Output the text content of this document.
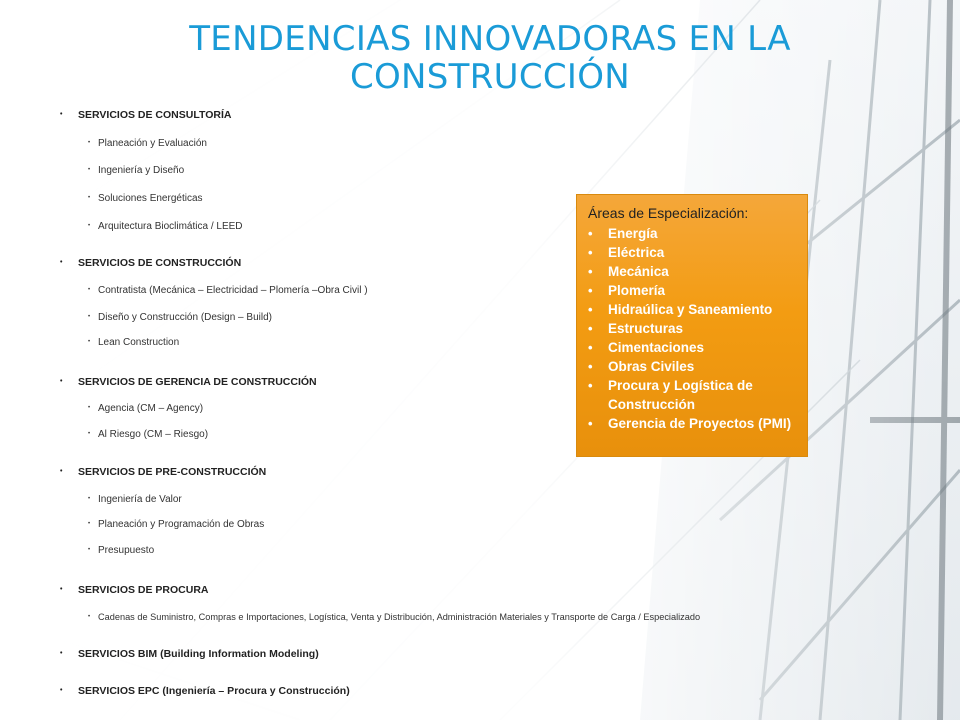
TENDENCIAS INNOVADORAS EN LA CONSTRUCCIÓN
• SERVICIOS DE CONSULTORÍA
• Planeación y Evaluación
• Ingeniería y Diseño
• Soluciones Energéticas
• Arquitectura Bioclimática / LEED
• SERVICIOS DE CONSTRUCCIÓN
• Contratista (Mecánica – Electricidad – Plomería –Obra Civil )
• Diseño y Construcción (Design – Build)
• Lean Construction
• SERVICIOS DE GERENCIA DE CONSTRUCCIÓN
• Agencia (CM – Agency)
• Al Riesgo (CM – Riesgo)
• SERVICIOS DE PRE-CONSTRUCCIÓN
• Ingeniería de Valor
• Planeación y Programación de Obras
• Presupuesto
• SERVICIOS DE PROCURA
• Cadenas de Suministro, Compras e Importaciones, Logística, Venta y Distribución, Administración Materiales y Transporte de Carga / Especializado
• SERVICIOS BIM (Building Information Modeling)
• SERVICIOS EPC (Ingeniería – Procura y Construcción)
Áreas de Especialización:
• Energía
• Eléctrica
• Mecánica
• Plomería
• Hidraúlica y Saneamiento
• Estructuras
• Cimentaciones
• Obras Civiles
• Procura y Logística de Construcción
• Gerencia de Proyectos (PMI)
